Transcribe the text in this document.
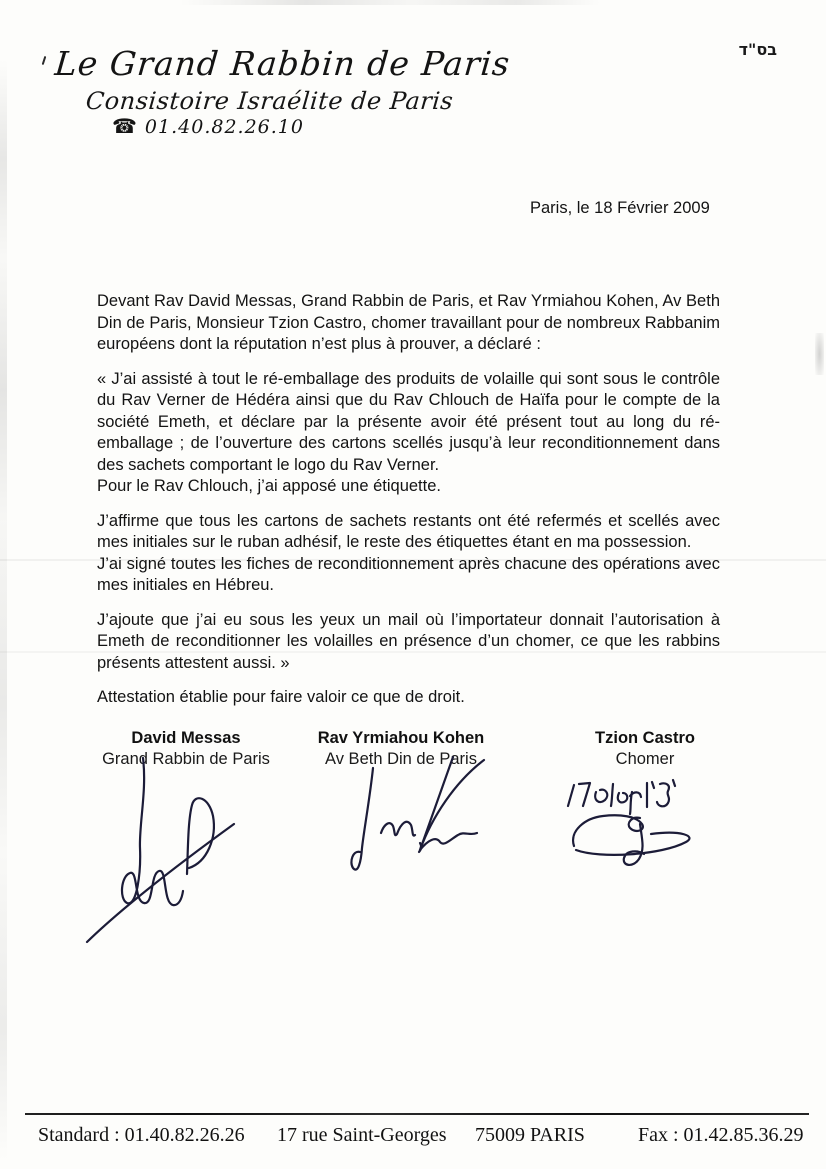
Le Grand Rabbin de Paris
Consistoire Israélite de Paris
☎ 01.40.82.26.10
בס"ד
Paris, le 18 Février 2009
Devant Rav David Messas, Grand Rabbin de Paris, et Rav Yrmiahou Kohen, Av Beth Din de Paris, Monsieur Tzion Castro, chomer travaillant pour de nombreux Rabbanim européens dont la réputation n’est plus à prouver, a déclaré :
« J’ai assisté à tout le ré-emballage des produits de volaille qui sont sous le contrôle du Rav Verner de Hédéra ainsi que du Rav Chlouch de Haïfa pour le compte de la société Emeth, et déclare par la présente avoir été présent tout au long du ré-emballage ; de l’ouverture des cartons scellés jusqu’à leur reconditionnement dans des sachets comportant le logo du Rav Verner.
Pour le Rav Chlouch, j’ai apposé une étiquette.
J’affirme que tous les cartons de sachets restants ont été refermés et scellés avec mes initiales sur le ruban adhésif, le reste des étiquettes étant en ma possession.
J’ai signé toutes les fiches de reconditionnement après chacune des opérations avec mes initiales en Hébreu.
J’ajoute que j’ai eu sous les yeux un mail où l’importateur donnait l’autorisation à Emeth de reconditionner les volailles en présence d’un chomer, ce que les rabbins présents attestent aussi. »
Attestation établie pour faire valoir ce que de droit.
David Messas
Grand Rabbin de Paris
Rav Yrmiahou Kohen
Av Beth Din de Paris
Tzion Castro
Chomer
Standard : 01.40.82.26.26 17 rue Saint-Georges 75009 PARIS	Fax : 01.42.85.36.29
